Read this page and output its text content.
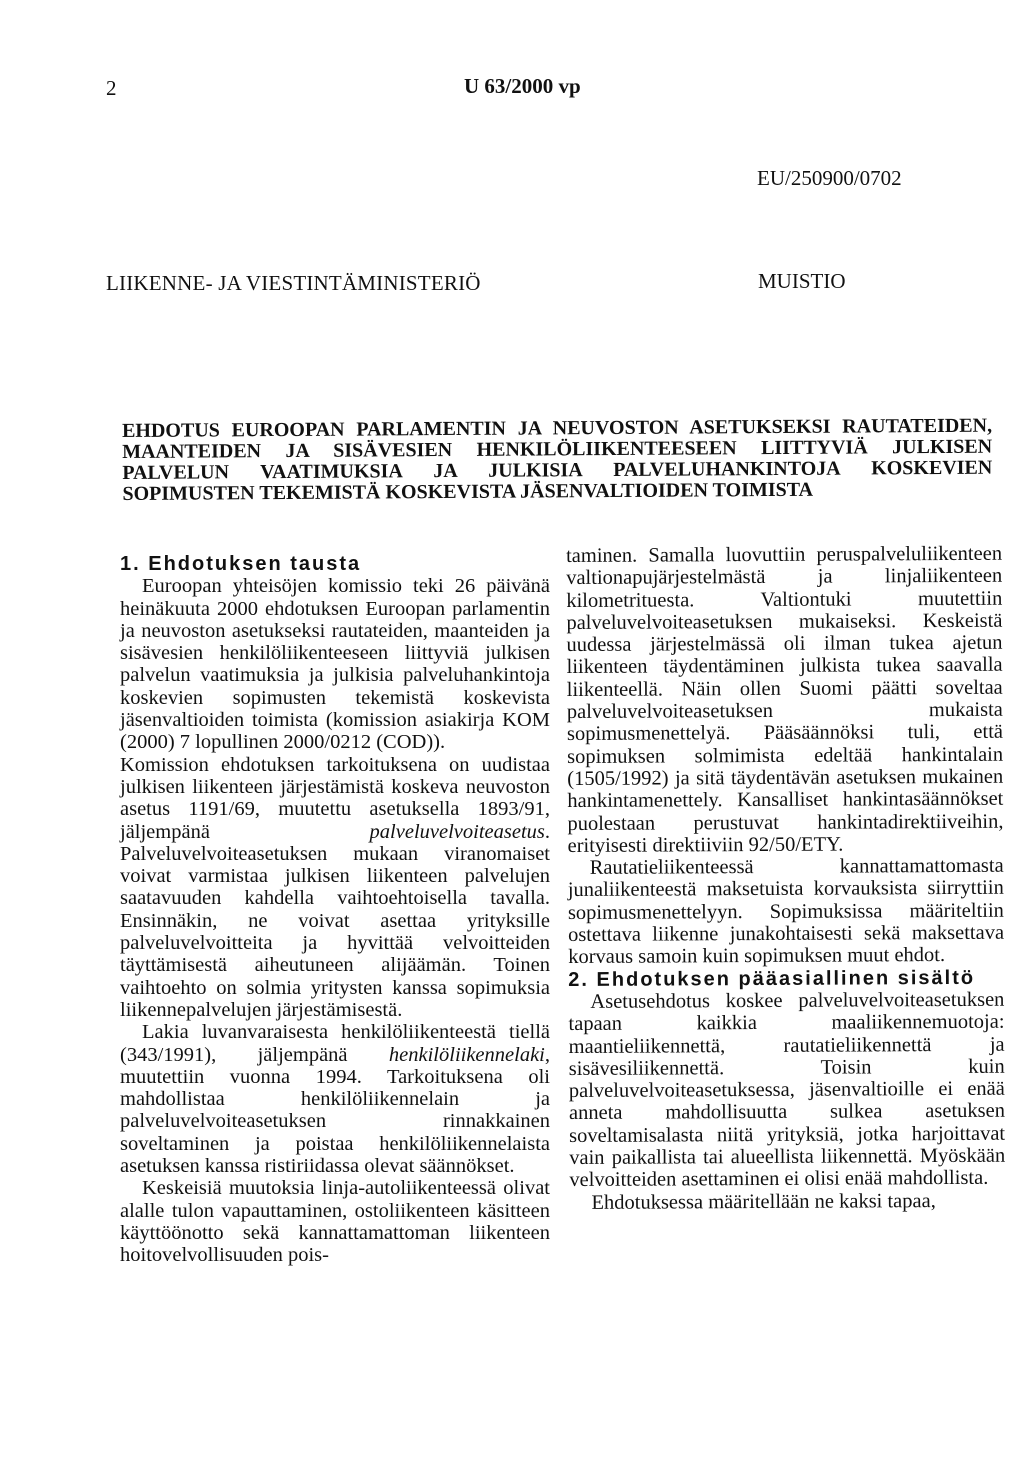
2	U 63/2000 vp
EU/250900/0702
LIIKENNE- JA VIESTINTÄMINISTERIÖ	MUISTIO
EHDOTUS EUROOPAN PARLAMENTIN JA NEUVOSTON ASETUKSEKSI RAUTATEIDEN, MAANTEIDEN JA SISÄVESIEN HENKILÖLIIKENTEESEEN LIITTYVIÄ JULKISEN PALVELUN VAATIMUKSIA JA JULKISIA PALVELUHANKINTOJA KOSKEVIEN SOPIMUSTEN TEKEMISTÄ KOSKEVISTA JÄSENVALTIOIDEN TOIMISTA
1. Ehdotuksen tausta

Euroopan yhteisöjen komissio teki 26 päivänä heinäkuuta 2000 ehdotuksen Euroopan parlamentin ja neuvoston asetukseksi rautateiden, maanteiden ja sisävesien henkilöliikenteeseen liittyviä julkisen palvelun vaatimuksia ja julkisia palveluhankintoja koskevien sopimusten tekemistä koskevista jäsenvaltioiden toimista (komission asiakirja KOM (2000) 7 lopullinen 2000/0212 (COD)).

Komission ehdotuksen tarkoituksena on uudistaa julkisen liikenteen järjestämistä koskeva neuvoston asetus 1191/69, muutettu asetuksella 1893/91, jäljempänä palveluvelvoiteasetus. Palveluvelvoiteasetuksen mukaan viranomaiset voivat varmistaa julkisen liikenteen palvelujen saatavuuden kahdella vaihtoehtoisella tavalla. Ensinnäkin, ne voivat asettaa yrityksille palveluvelvoitteita ja hyvittää velvoitteiden täyttämisestä aiheutuneen alijäämän. Toinen vaihtoehto on solmia yritysten kanssa sopimuksia liikennepalvelujen järjestämisestä.

Lakia luvanvaraisesta henkilöliikenteestä tiellä (343/1991), jäljempänä henkilöliikennelaki, muutettiin vuonna 1994. Tarkoituksena oli mahdollistaa henkilöliikennelain ja palveluvelvoiteasetuksen rinnakkainen soveltaminen ja poistaa henkilöliikennelaista asetuksen kanssa ristiriidassa olevat säännökset.

Keskeisiä muutoksia linja-autoliikenteessä olivat alalle tulon vapauttaminen, ostoliikenteen käsitteen käyttöönotto sekä kannattamattoman liikenteen hoitovelvollisuuden pois-

taminen. Samalla luovuttiin peruspalveluliikenteen valtionapujärjestelmästä ja linjaliikenteen kilometrituesta. Valtiontuki muutettiin palveluvelvoiteasetuksen mukaiseksi. Keskeistä uudessa järjestelmässä oli ilman tukea ajetun liikenteen täydentäminen julkista tukea saavalla liikenteellä. Näin ollen Suomi päätti soveltaa palveluvelvoiteasetuksen mukaista sopimusmenettelyä. Pääsäännöksi tuli, että sopimuksen solmimista edeltää hankintalain (1505/1992) ja sitä täydentävän asetuksen mukainen hankintamenettely. Kansalliset hankintasäännökset puolestaan perustuvat hankintadirektiiveihin, erityisesti direktiiviin 92/50/ETY.

Rautatieliikenteessä kannattamattomasta junaliikenteestä maksetuista korvauksista siirryttiin sopimusmenettelyyn. Sopimuksissa määriteltiin ostettava liikenne junakohtaisesti sekä maksettava korvaus samoin kuin sopimuksen muut ehdot.

2. Ehdotuksen pääasiallinen sisältö

Asetusehdotus koskee palveluvelvoiteasetuksen tapaan kaikkia maaliikennemuotoja: maantieliikennettä, rautatieliikennettä ja sisävesiliikennettä. Toisin kuin palveluvelvoiteasetuksessa, jäsenvaltioille ei enää anneta mahdollisuutta sulkea asetuksen soveltamisalasta niitä yrityksiä, jotka harjoittavat vain paikallista tai alueellista liikennettä. Myöskään velvoitteiden asettaminen ei olisi enää mahdollista.

Ehdotuksessa määritellään ne kaksi tapaa,
